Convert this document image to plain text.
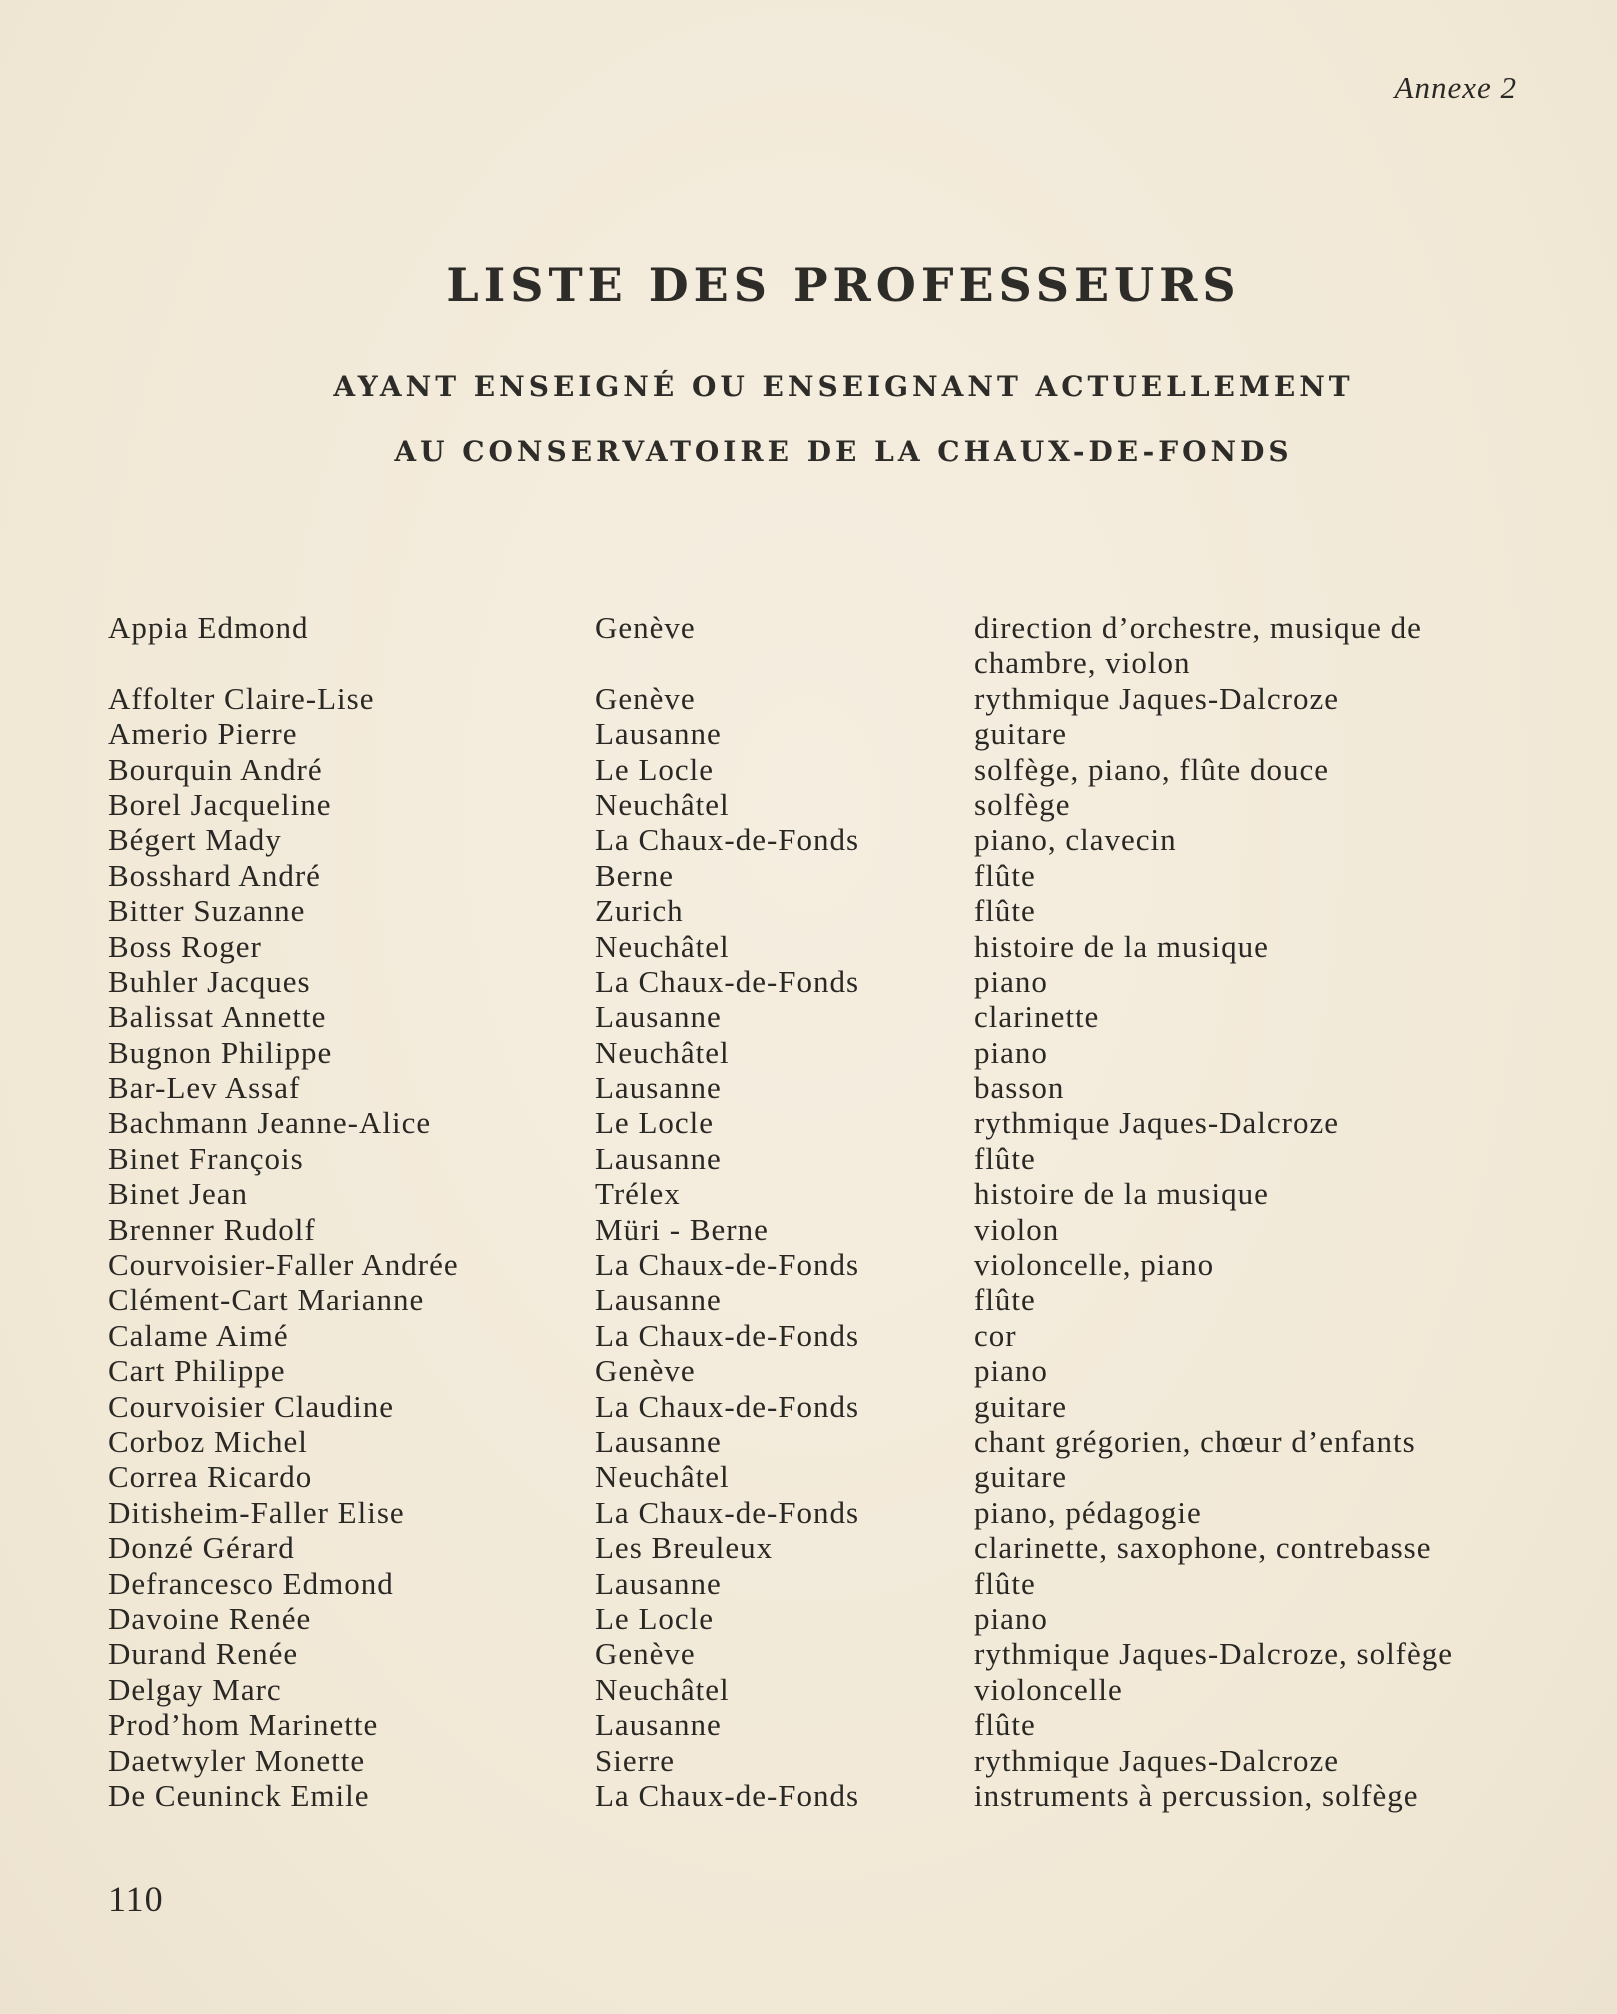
Annexe 2
LISTE DES PROFESSEURS
AYANT ENSEIGNÉ OU ENSEIGNANT ACTUELLEMENT
AU CONSERVATOIRE DE LA CHAUX-DE-FONDS
Appia Edmond	Genève	direction d’orchestre, musique de chambre, violon
Affolter Claire-Lise	Genève	rythmique Jaques-Dalcroze
Amerio Pierre	Lausanne	guitare
Bourquin André	Le Locle	solfège, piano, flûte douce
Borel Jacqueline	Neuchâtel	solfège
Bégert Mady	La Chaux-de-Fonds	piano, clavecin
Bosshard André	Berne	flûte
Bitter Suzanne	Zurich	flûte
Boss Roger	Neuchâtel	histoire de la musique
Buhler Jacques	La Chaux-de-Fonds	piano
Balissat Annette	Lausanne	clarinette
Bugnon Philippe	Neuchâtel	piano
Bar-Lev Assaf	Lausanne	basson
Bachmann Jeanne-Alice	Le Locle	rythmique Jaques-Dalcroze
Binet François	Lausanne	flûte
Binet Jean	Trélex	histoire de la musique
Brenner Rudolf	Müri - Berne	violon
Courvoisier-Faller Andrée	La Chaux-de-Fonds	violoncelle, piano
Clément-Cart Marianne	Lausanne	flûte
Calame Aimé	La Chaux-de-Fonds	cor
Cart Philippe	Genève	piano
Courvoisier Claudine	La Chaux-de-Fonds	guitare
Corboz Michel	Lausanne	chant grégorien, chœur d’enfants
Correa Ricardo	Neuchâtel	guitare
Ditisheim-Faller Elise	La Chaux-de-Fonds	piano, pédagogie
Donzé Gérard	Les Breuleux	clarinette, saxophone, contrebasse
Defrancesco Edmond	Lausanne	flûte
Davoine Renée	Le Locle	piano
Durand Renée	Genève	rythmique Jaques-Dalcroze, solfège
Delgay Marc	Neuchâtel	violoncelle
Prod’hom Marinette	Lausanne	flûte
Daetwyler Monette	Sierre	rythmique Jaques-Dalcroze
De Ceuninck Emile	La Chaux-de-Fonds	instruments à percussion, solfège
110
